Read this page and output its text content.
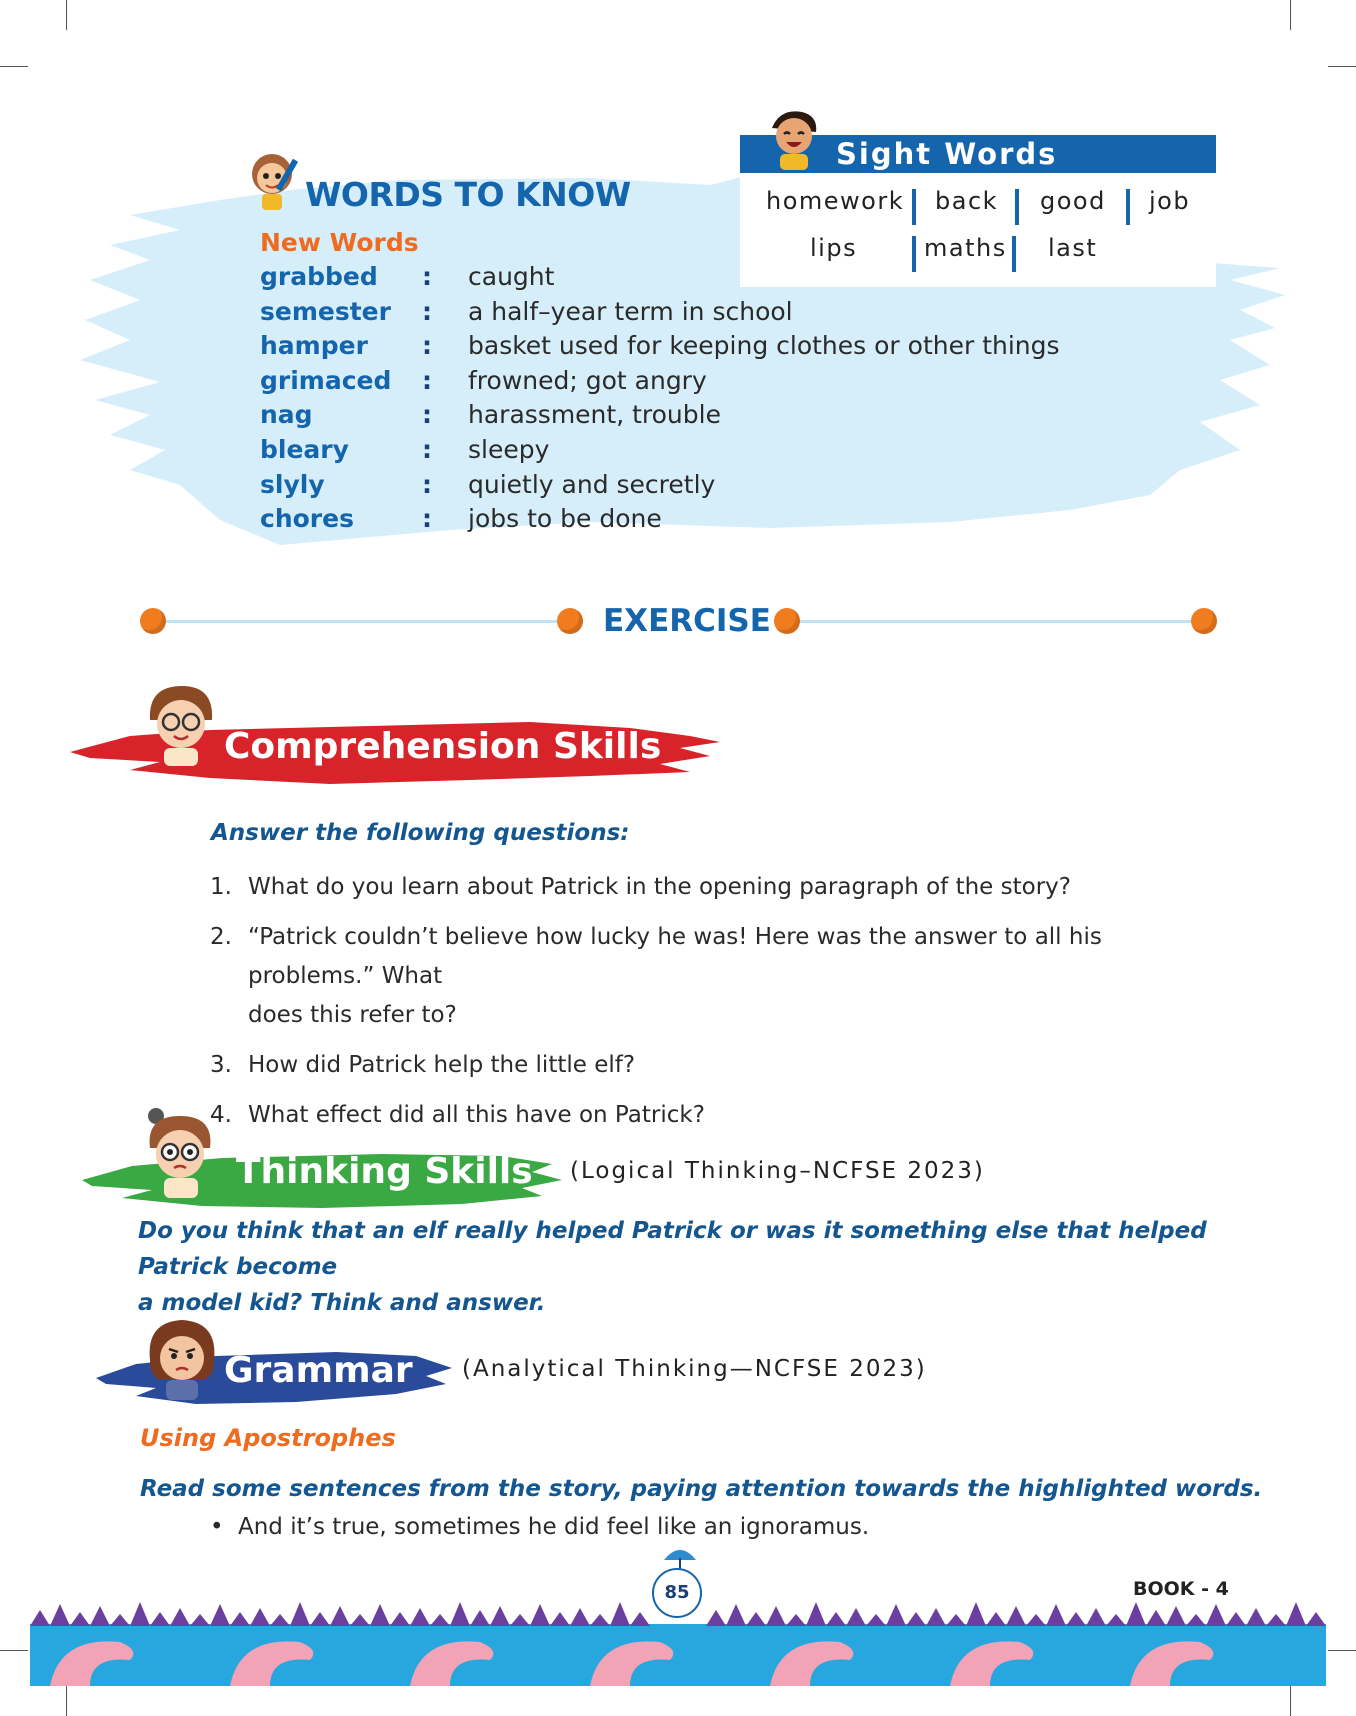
WORDS TO KNOW
New Words
grabbed : caught
semester : a half–year term in school
hamper : basket used for keeping clothes or other things
grimaced : frowned; got angry
nag	: harassment, trouble
bleary	: sleepy
slyly	: quietly and secretly
chores	: jobs to be done
Sight Words
homework back good job
lips	maths last
EXERCISE
Comprehension Skills
Answer the following questions:
1. What do you learn about Patrick in the opening paragraph of the story?
2. “Patrick couldn’t believe how lucky he was! Here was the answer to all his problems.” What
does this refer to?
3. How did Patrick help the little elf?
4. What effect did all this have on Patrick?
Thinking Skills (Logical Thinking–NCFSE 2023)
Do you think that an elf really helped Patrick or was it something else that helped Patrick become
a model kid? Think and answer.
Grammar (Analytical Thinking—NCFSE 2023)
Using Apostrophes
Read some sentences from the story, paying attention towards the highlighted words.
• And it’s true, sometimes he did feel like an ignoramus.
85	BOOK - 4
